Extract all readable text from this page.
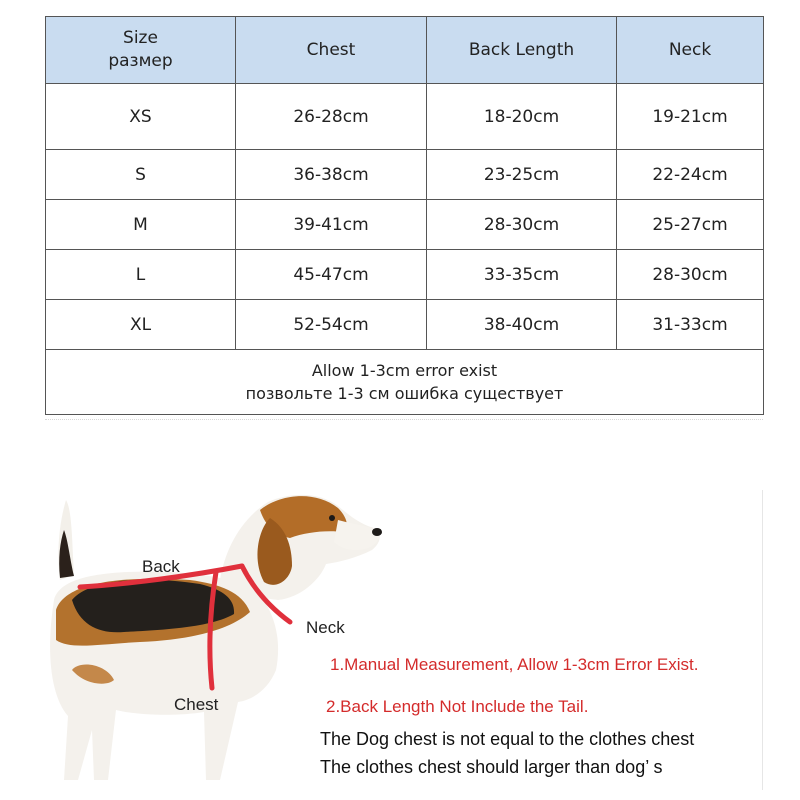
Size
размер	Chest	Back Length	Neck
XS	26-28cm	18-20cm	19-21cm
S	36-38cm	23-25cm	22-24cm
M	39-41cm	28-30cm	25-27cm
L	45-47cm	33-35cm	28-30cm
XL	52-54cm	38-40cm	31-33cm

Allow 1-3cm error exist
позвольте 1-3 см ошибка существует			
Back
Neck
Chest
1.Manual Measurement, Allow 1-3cm Error Exist.
2.Back Length Not Include the Tail.
The Dog chest is not equal to the clothes chest
The clothes chest should larger than dog’ s
